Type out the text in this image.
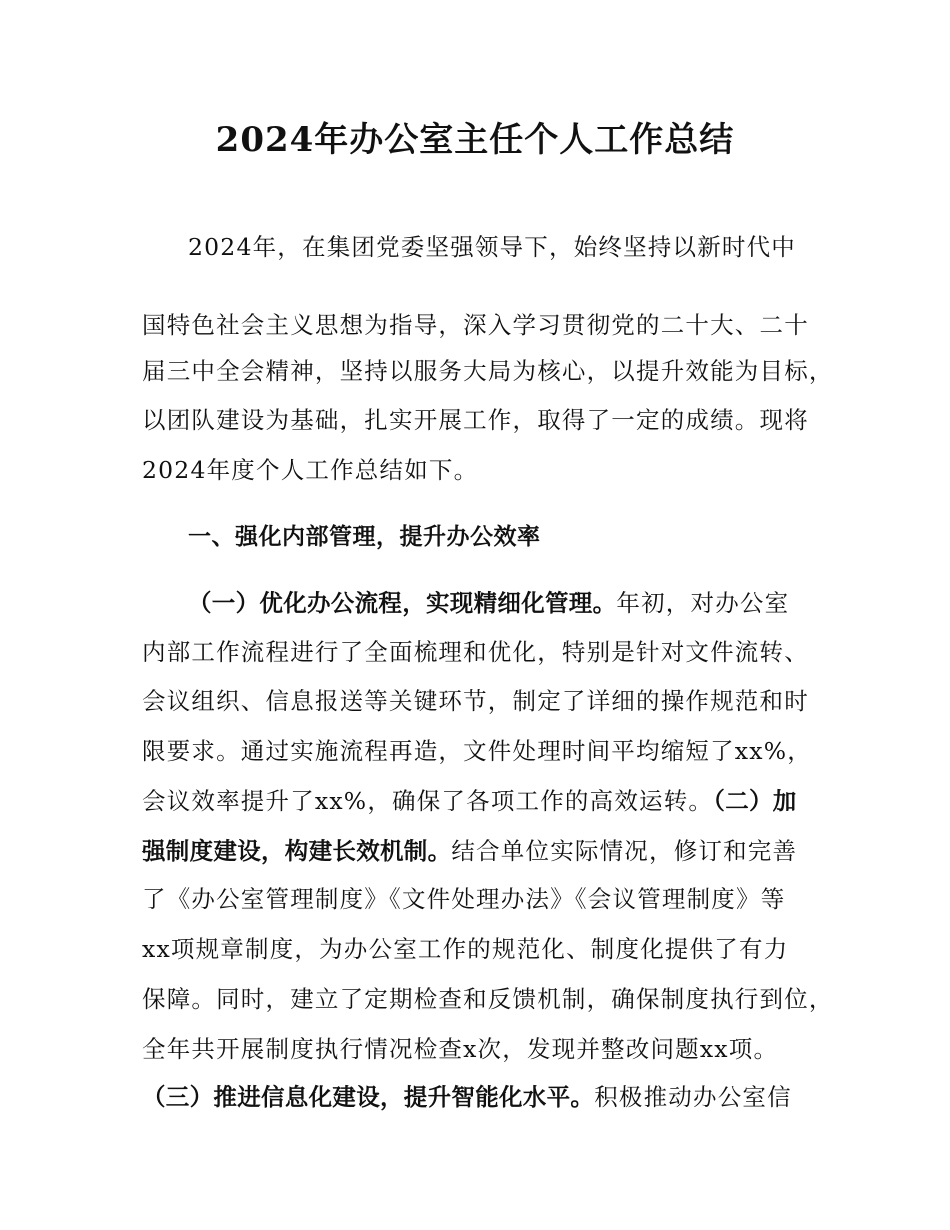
2024年办公室主任个人工作总结

2024年，在集团党委坚强领导下，始终坚持以新时代中

国特色社会主义思想为指导，深入学习贯彻党的二十大、二十

届三中全会精神，坚持以服务大局为核心，以提升效能为目标，

以团队建设为基础，扎实开展工作，取得了一定的成绩。现将

2024年度个人工作总结如下。

一、强化内部管理，提升办公效率

（一）优化办公流程，实现精细化管理。年初，对办公室

内部工作流程进行了全面梳理和优化，特别是针对文件流转、

会议组织、信息报送等关键环节，制定了详细的操作规范和时

限要求。通过实施流程再造，文件处理时间平均缩短了xx%，

会议效率提升了xx%，确保了各项工作的高效运转。（二）加

强制度建设，构建长效机制。结合单位实际情况，修订和完善

了《办公室管理制度》《文件处理办法》《会议管理制度》等

xx项规章制度，为办公室工作的规范化、制度化提供了有力

保障。同时，建立了定期检查和反馈机制，确保制度执行到位，

全年共开展制度执行情况检查x次，发现并整改问题xx项。

（三）推进信息化建设，提升智能化水平。积极推动办公室信
